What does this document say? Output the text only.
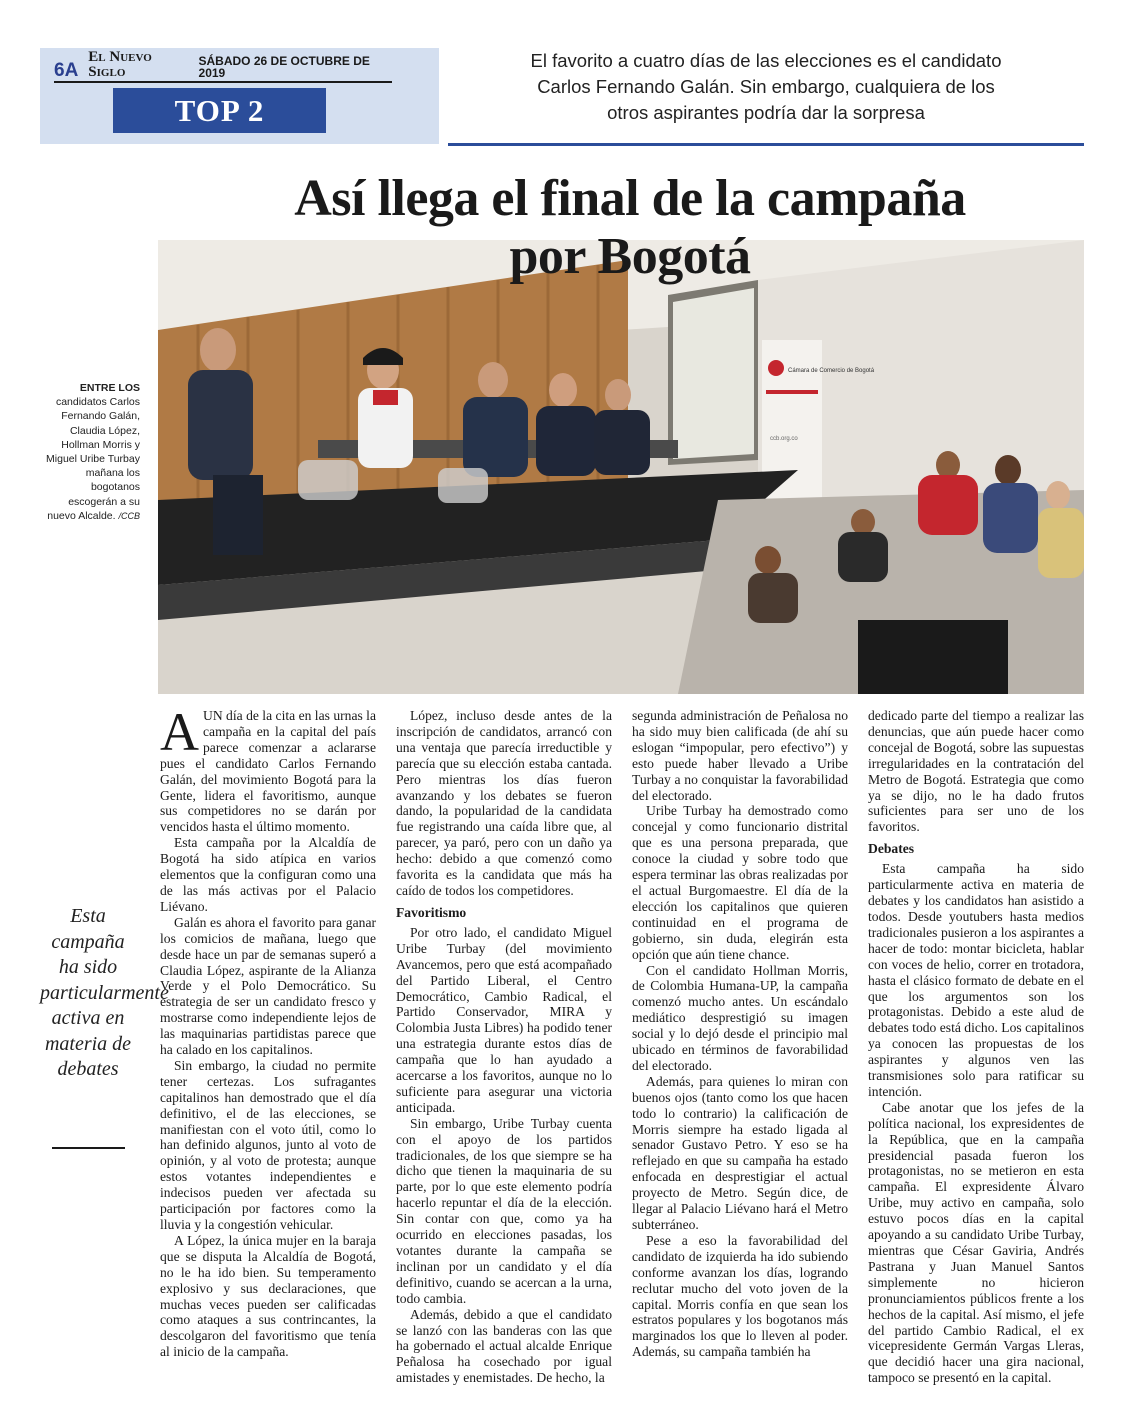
6A
El Nuevo Siglo
SÁBADO 26 DE OCTUBRE DE 2019
TOP 2
El favorito a cuatro días de las elecciones es el candidato
Carlos Fernando Galán. Sin embargo, cualquiera de los
otros aspirantes podría dar la sorpresa
Cámara de Comercio de Bogotá
ccb.org.co
Así llega el final de la campaña
por Bogotá
ENTRE LOS
candidatos Carlos Fernando Galán, Claudia López, Hollman Morris y Miguel Uribe Turbay mañana los bogotanos escogerán a su nuevo Alcalde. /CCB
Esta campaña ha sido particularmente activa en materia de debates

AUN día de la cita en las urnas la campaña en la capital del país parece comenzar a aclararse pues el candidato Carlos Fernando Galán, del movimiento Bogotá para la Gente, lidera el favoritismo, aunque sus competidores no se darán por vencidos hasta el último momento.

Esta campaña por la Alcaldía de Bogotá ha sido atípica en varios elementos que la configuran como una de las más activas por el Palacio Liévano.

Galán es ahora el favorito para ganar los comicios de mañana, luego que desde hace un par de semanas superó a Claudia López, aspirante de la Alianza Verde y el Polo Democrático. Su estrategia de ser un candidato fresco y mostrarse como independiente lejos de las maquinarias partidistas parece que ha calado en los capitalinos.

Sin embargo, la ciudad no permite tener certezas. Los sufragantes capitalinos han demostrado que el día definitivo, el de las elecciones, se manifiestan con el voto útil, como lo han definido algunos, junto al voto de opinión, y al voto de protesta; aunque estos votantes independientes e indecisos pueden ver afectada su participación por factores como la lluvia y la congestión vehicular.

A López, la única mujer en la baraja que se disputa la Alcaldía de Bogotá, no le ha ido bien. Su temperamento explosivo y sus declaraciones, que muchas veces pueden ser calificadas como ataques a sus contrincantes, la descolgaron del favoritismo que tenía al inicio de la campaña.

López, incluso desde antes de la inscripción de candidatos, arrancó con una ventaja que parecía irreductible y parecía que su elección estaba cantada. Pero mientras los días fueron avanzando y los debates se fueron dando, la popularidad de la candidata fue registrando una caída libre que, al parecer, ya paró, pero con un daño ya hecho: debido a que comenzó como favorita es la candidata que más ha caído de todos los competidores.

Favoritismo

Por otro lado, el candidato Miguel Uribe Turbay (del movimiento Avancemos, pero que está acompañado del Partido Liberal, el Centro Democrático, Cambio Radical, el Partido Conservador, MIRA y Colombia Justa Libres) ha podido tener una estrategia durante estos días de campaña que lo han ayudado a acercarse a los favoritos, aunque no lo suficiente para asegurar una victoria anticipada.

Sin embargo, Uribe Turbay cuenta con el apoyo de los partidos tradicionales, de los que siempre se ha dicho que tienen la maquinaria de su parte, por lo que este elemento podría hacerlo repuntar el día de la elección. Sin contar con que, como ya ha ocurrido en elecciones pasadas, los votantes durante la campaña se inclinan por un candidato y el día definitivo, cuando se acercan a la urna, todo cambia.

Además, debido a que el candidato se lanzó con las banderas con las que ha gobernado el actual alcalde Enrique Peñalosa ha cosechado por igual amistades y enemistades. De hecho, la

segunda administración de Peñalosa no ha sido muy bien calificada (de ahí su eslogan “impopular, pero efectivo”) y esto puede haber llevado a Uribe Turbay a no conquistar la favorabilidad del electorado.

Uribe Turbay ha demostrado como concejal y como funcionario distrital que es una persona preparada, que conoce la ciudad y sobre todo que espera terminar las obras realizadas por el actual Burgomaestre. El día de la elección los capitalinos que quieren continuidad en el programa de gobierno, sin duda, elegirán esta opción que aún tiene chance.

Con el candidato Hollman Morris, de Colombia Humana-UP, la campaña comenzó mucho antes. Un escándalo mediático desprestigió su imagen social y lo dejó desde el principio mal ubicado en términos de favorabilidad del electorado.

Además, para quienes lo miran con buenos ojos (tanto como los que hacen todo lo contrario) la calificación de Morris siempre ha estado ligada al senador Gustavo Petro. Y eso se ha reflejado en que su campaña ha estado enfocada en desprestigiar el actual proyecto de Metro. Según dice, de llegar al Palacio Liévano hará el Metro subterráneo.

Pese a eso la favorabilidad del candidato de izquierda ha ido subiendo conforme avanzan los días, logrando reclutar mucho del voto joven de la capital. Morris confía en que sean los estratos populares y los bogotanos más marginados los que lo lleven al poder. Además, su campaña también ha

dedicado parte del tiempo a realizar las denuncias, que aún puede hacer como concejal de Bogotá, sobre las supuestas irregularidades en la contratación del Metro de Bogotá. Estrategia que como ya se dijo, no le ha dado frutos suficientes para ser uno de los favoritos.

Debates

Esta campaña ha sido particularmente activa en materia de debates y los candidatos han asistido a todos. Desde youtubers hasta medios tradicionales pusieron a los aspirantes a hacer de todo: montar bicicleta, hablar con voces de helio, correr en trotadora, hasta el clásico formato de debate en el que los argumentos son los protagonistas. Debido a este alud de debates todo está dicho. Los capitalinos ya conocen las propuestas de los aspirantes y algunos ven las transmisiones solo para ratificar su intención.

Cabe anotar que los jefes de la política nacional, los expresidentes de la República, que en la campaña presidencial pasada fueron los protagonistas, no se metieron en esta campaña. El expresidente Álvaro Uribe, muy activo en campaña, solo estuvo pocos días en la capital apoyando a su candidato Uribe Turbay, mientras que César Gaviria, Andrés Pastrana y Juan Manuel Santos simplemente no hicieron pronunciamientos públicos frente a los hechos de la capital. Así mismo, el jefe del partido Cambio Radical, el ex vicepresidente Germán Vargas Lleras, que decidió hacer una gira nacional, tampoco se presentó en la capital.
